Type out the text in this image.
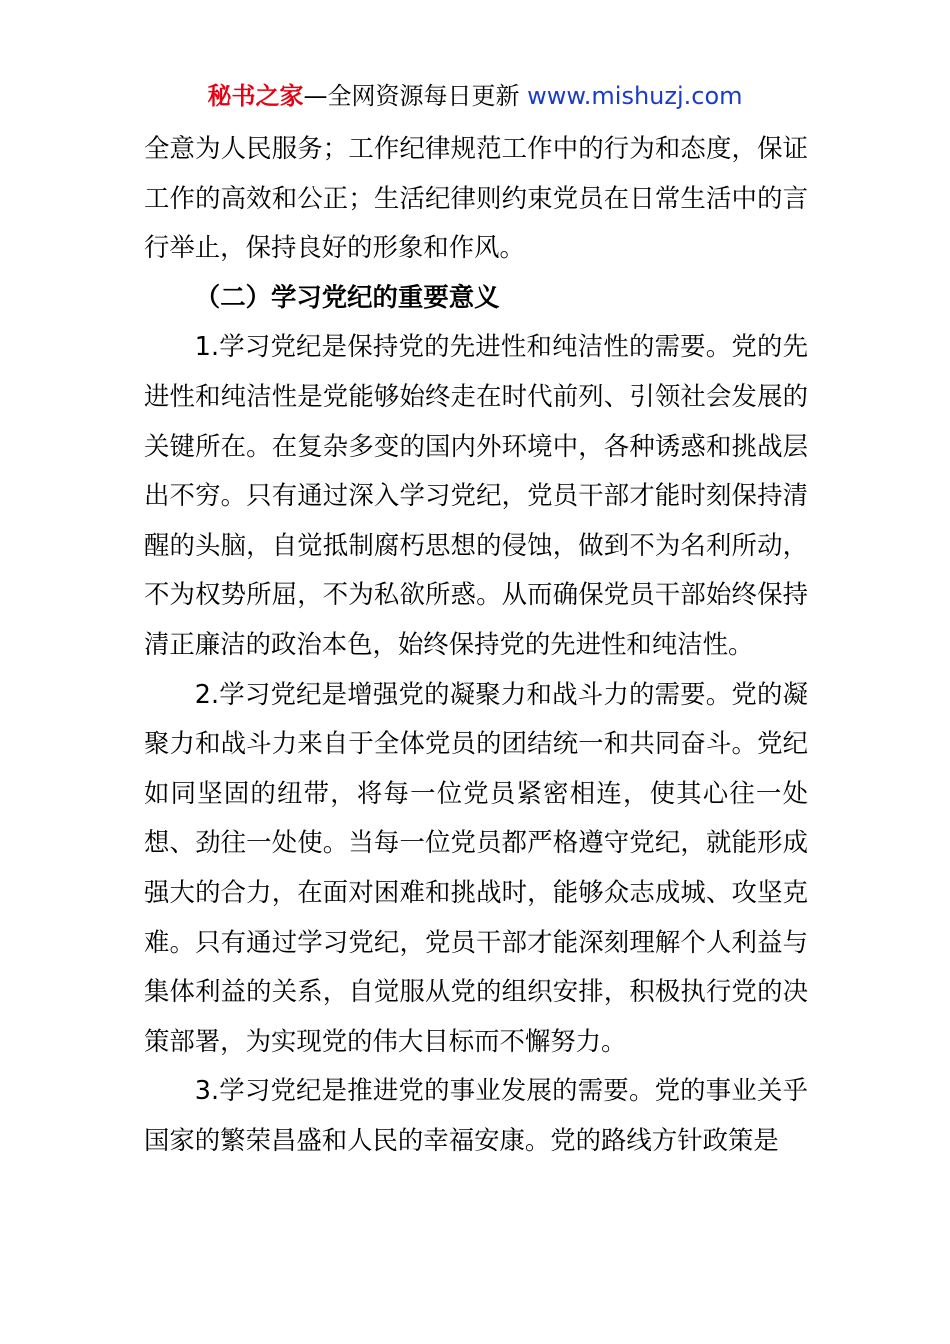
秘书之家—全网资源每日更新 www.mishuzj.com

全意为人民服务；工作纪律规范工作中的行为和态度，保证工作的高效和公正；生活纪律则约束党员在日常生活中的言行举止，保持良好的形象和作风。

（二）学习党纪的重要意义

1.学习党纪是保持党的先进性和纯洁性的需要。党的先进性和纯洁性是党能够始终走在时代前列、引领社会发展的关键所在。在复杂多变的国内外环境中，各种诱惑和挑战层出不穷。只有通过深入学习党纪，党员干部才能时刻保持清醒的头脑，自觉抵制腐朽思想的侵蚀，做到不为名利所动，不为权势所屈，不为私欲所惑。从而确保党员干部始终保持清正廉洁的政治本色，始终保持党的先进性和纯洁性。

2.学习党纪是增强党的凝聚力和战斗力的需要。党的凝聚力和战斗力来自于全体党员的团结统一和共同奋斗。党纪如同坚固的纽带，将每一位党员紧密相连，使其心往一处想、劲往一处使。当每一位党员都严格遵守党纪，就能形成强大的合力，在面对困难和挑战时，能够众志成城、攻坚克难。只有通过学习党纪，党员干部才能深刻理解个人利益与集体利益的关系，自觉服从党的组织安排，积极执行党的决策部署，为实现党的伟大目标而不懈努力。

3.学习党纪是推进党的事业发展的需要。党的事业关乎国家的繁荣昌盛和人民的幸福安康。党的路线方针政策是
